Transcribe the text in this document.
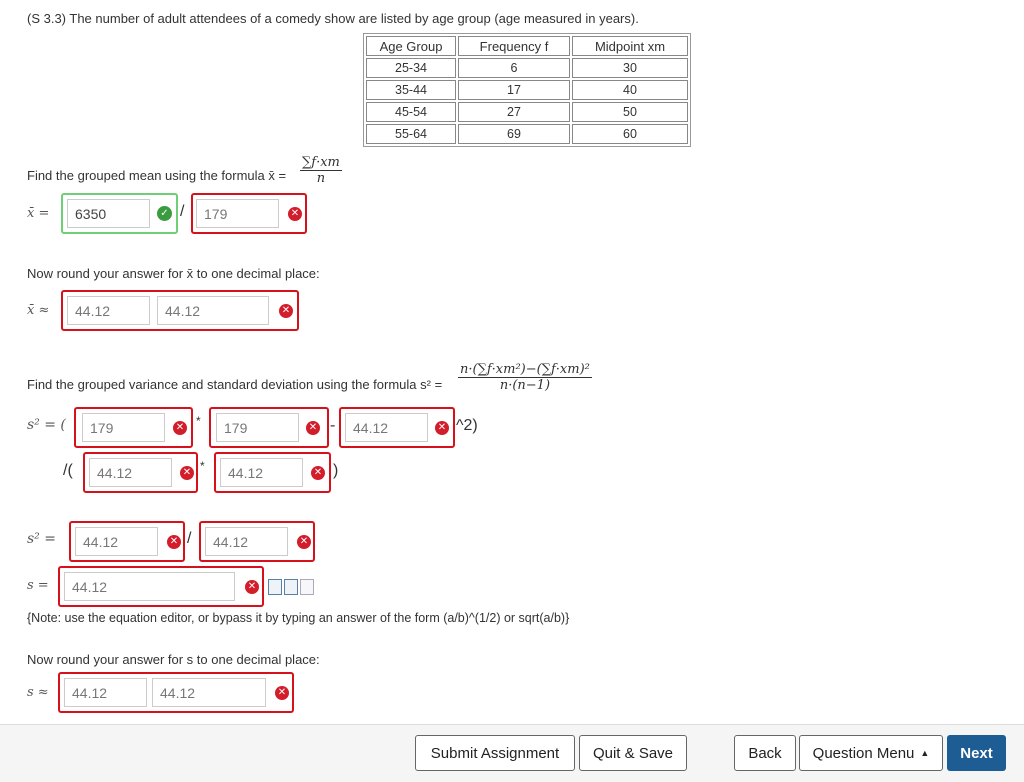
(S 3.3) The number of adult attendees of a comedy show are listed by age group (age measured in years).
Age Group	Frequency f	Midpoint xm
25-34	6	30
35-44	17	40
45-54	27	50
55-64	69	60
Find the grouped mean using the formula x̄ = $\frac{\sum f\cdot xm}{n}$
x̄ =	6350	✓ /	179	✕
Now round your answer for x̄ to one decimal place:
x̄ ≈	44.12	44.12	✕
Find the grouped variance and standard deviation using the formula $s^2 = \frac{\text{n·(∑f·xm²)−(∑f·xm)²}}{n\cdot(n-1)}$
s² = (	179	✕ *	179	✕ -	44.12	✕ ^2)
/(	44.12	✕ *	44.12	✕ )
s² =	44.12	✕ /	44.12	✕
s =	44.12	✕
{Note: use the equation editor, or bypass it by typing an answer of the form (a/b)^(1/2) or sqrt(a/b)}
Now round your answer for s to one decimal place:
s ≈	44.12	44.12	✕
Submit Assignment	Quit & Save	Back	Question Menu ▲	Next
